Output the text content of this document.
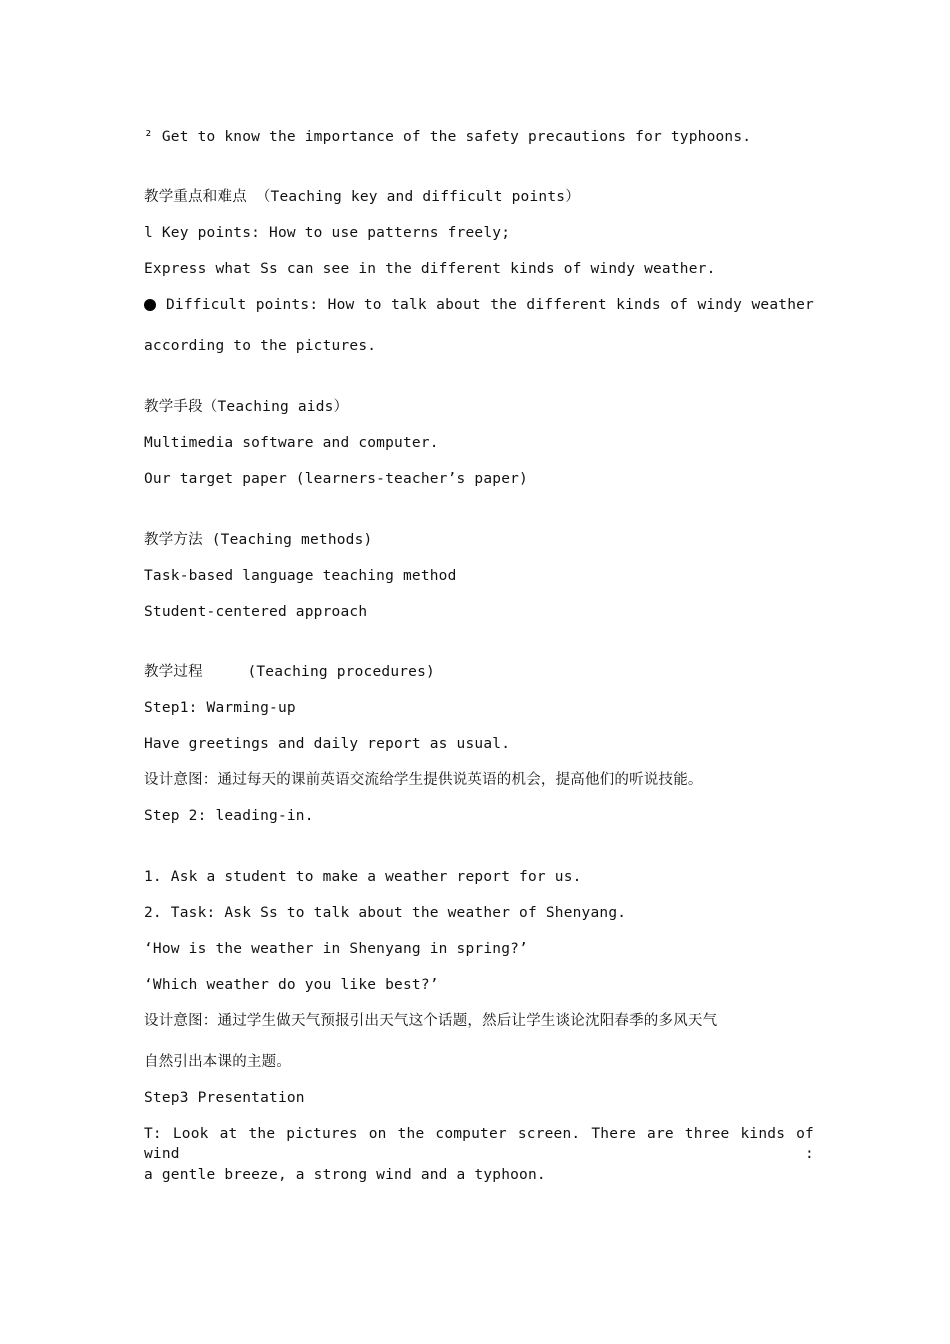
² Get to know the importance of the safety precautions for typhoons.
教学重点和难点 （Teaching key and difficult points）
l Key points: How to use patterns freely;
Express what Ss can see in the different kinds of windy weather.
Difficult points: How to talk about the different kinds of windy weather
according to the pictures.
教学手段（Teaching aids）
Multimedia software and computer.
Our target paper (learners-teacher’s paper)
教学方法 (Teaching methods)
Task-based language teaching method
Student-centered approach
教学过程     (Teaching procedures)
Step1: Warming-up
Have greetings and daily report as usual.
设计意图：通过每天的课前英语交流给学生提供说英语的机会，提高他们的听说技能。
Step 2: leading-in.
1. Ask a student to make a weather report for us.
2. Task: Ask Ss to talk about the weather of Shenyang.
‘How is the weather in Shenyang in spring?’
‘Which weather do you like best?’
设计意图：通过学生做天气预报引出天气这个话题，然后让学生谈论沈阳春季的多风天气
自然引出本课的主题。
Step3 Presentation
T: Look at the pictures on the computer screen. There are three kinds of wind :
a gentle breeze, a strong wind and a typhoon.
